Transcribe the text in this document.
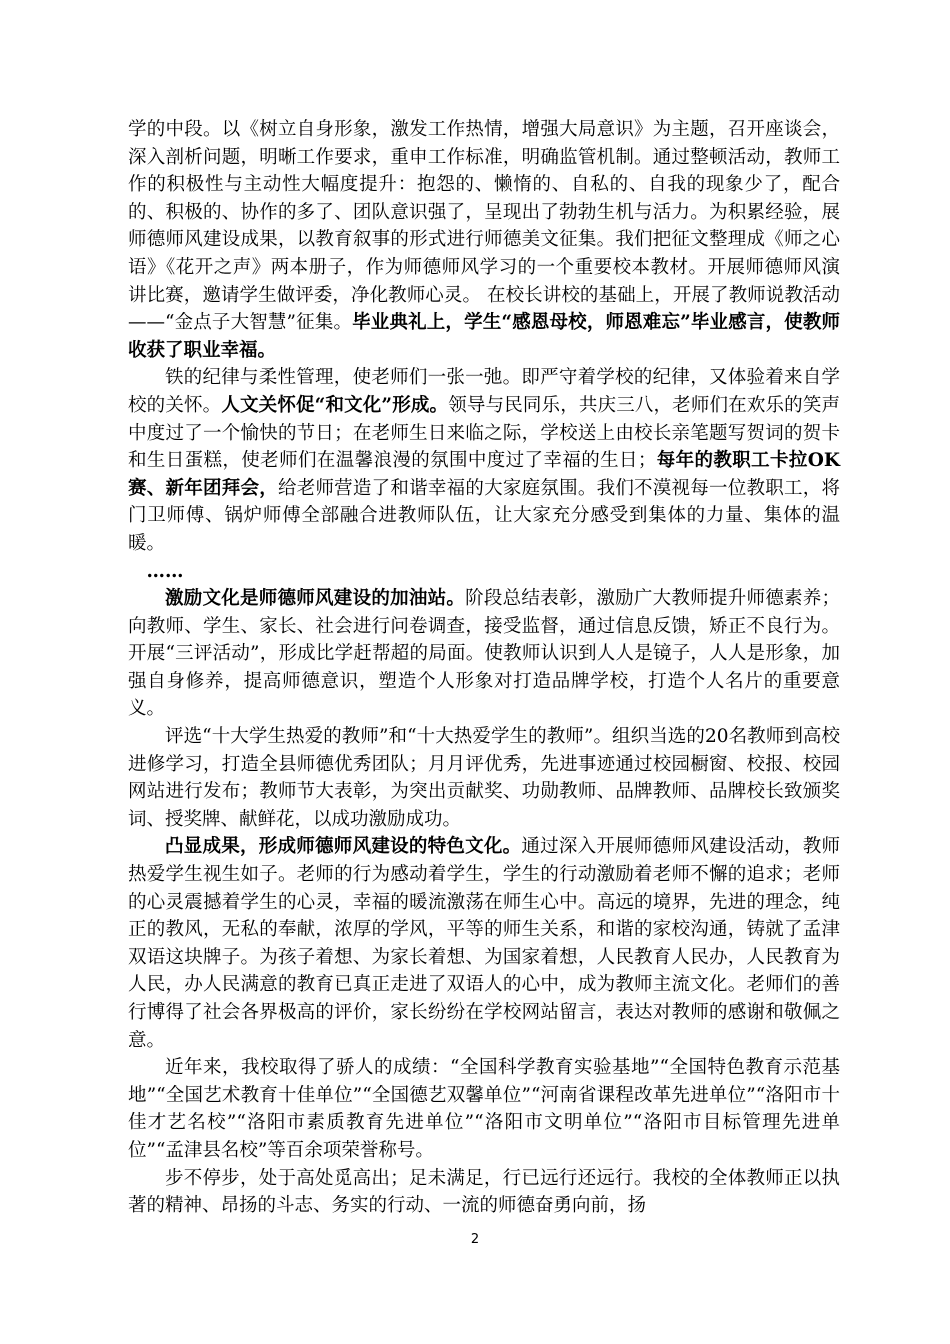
学的中段。以《树立自身形象，激发工作热情，增强大局意识》为主题，召开座谈会，深入剖析问题，明晰工作要求，重申工作标准，明确监管机制。通过整顿活动，教师工作的积极性与主动性大幅度提升：抱怨的、懒惰的、自私的、自我的现象少了，配合的、积极的、协作的多了、团队意识强了，呈现出了勃勃生机与活力。为积累经验，展师德师风建设成果，以教育叙事的形式进行师德美文征集。我们把征文整理成《师之心语》《花开之声》两本册子，作为师德师风学习的一个重要校本教材。开展师德师风演讲比赛，邀请学生做评委，净化教师心灵。 在校长讲校的基础上，开展了教师说教活动——“金点子大智慧”征集。毕业典礼上，学生“感恩母校，师恩难忘”毕业感言，使教师收获了职业幸福。

铁的纪律与柔性管理，使老师们一张一弛。即严守着学校的纪律，又体验着来自学校的关怀。人文关怀促“和文化”形成。领导与民同乐，共庆三八，老师们在欢乐的笑声中度过了一个愉快的节日；在老师生日来临之际，学校送上由校长亲笔题写贺词的贺卡和生日蛋糕，使老师们在温馨浪漫的氛围中度过了幸福的生日；每年的教职工卡拉OK赛、新年团拜会，给老师营造了和谐幸福的大家庭氛围。我们不漠视每一位教职工，将门卫师傅、锅炉师傅全部融合进教师队伍，让大家充分感受到集体的力量、集体的温暖。

……

激励文化是师德师风建设的加油站。阶段总结表彰，激励广大教师提升师德素养；向教师、学生、家长、社会进行问卷调查，接受监督，通过信息反馈，矫正不良行为。开展“三评活动”，形成比学赶帮超的局面。使教师认识到人人是镜子，人人是形象，加强自身修养，提高师德意识，塑造个人形象对打造品牌学校，打造个人名片的重要意义。

评选“十大学生热爱的教师”和“十大热爱学生的教师”。组织当选的20名教师到高校进修学习，打造全县师德优秀团队；月月评优秀，先进事迹通过校园橱窗、校报、校园网站进行发布；教师节大表彰，为突出贡献奖、功勋教师、品牌教师、品牌校长致颁奖词、授奖牌、献鲜花，以成功激励成功。

凸显成果，形成师德师风建设的特色文化。通过深入开展师德师风建设活动，教师热爱学生视生如子。老师的行为感动着学生，学生的行动激励着老师不懈的追求；老师的心灵震撼着学生的心灵，幸福的暖流激荡在师生心中。高远的境界，先进的理念，纯正的教风，无私的奉献，浓厚的学风，平等的师生关系，和谐的家校沟通，铸就了孟津双语这块牌子。为孩子着想、为家长着想、为国家着想，人民教育人民办，人民教育为人民，办人民满意的教育已真正走进了双语人的心中，成为教师主流文化。老师们的善行博得了社会各界极高的评价，家长纷纷在学校网站留言，表达对教师的感谢和敬佩之意。

近年来，我校取得了骄人的成绩：“全国科学教育实验基地”“全国特色教育示范基地”“全国艺术教育十佳单位”“全国德艺双馨单位”“河南省课程改革先进单位”“洛阳市十佳才艺名校”“洛阳市素质教育先进单位”“洛阳市文明单位”“洛阳市目标管理先进单位”“孟津县名校”等百余项荣誉称号。

步不停步，处于高处觅高出；足未满足，行已远行还远行。我校的全体教师正以执著的精神、昂扬的斗志、务实的行动、一流的师德奋勇向前，扬

2
